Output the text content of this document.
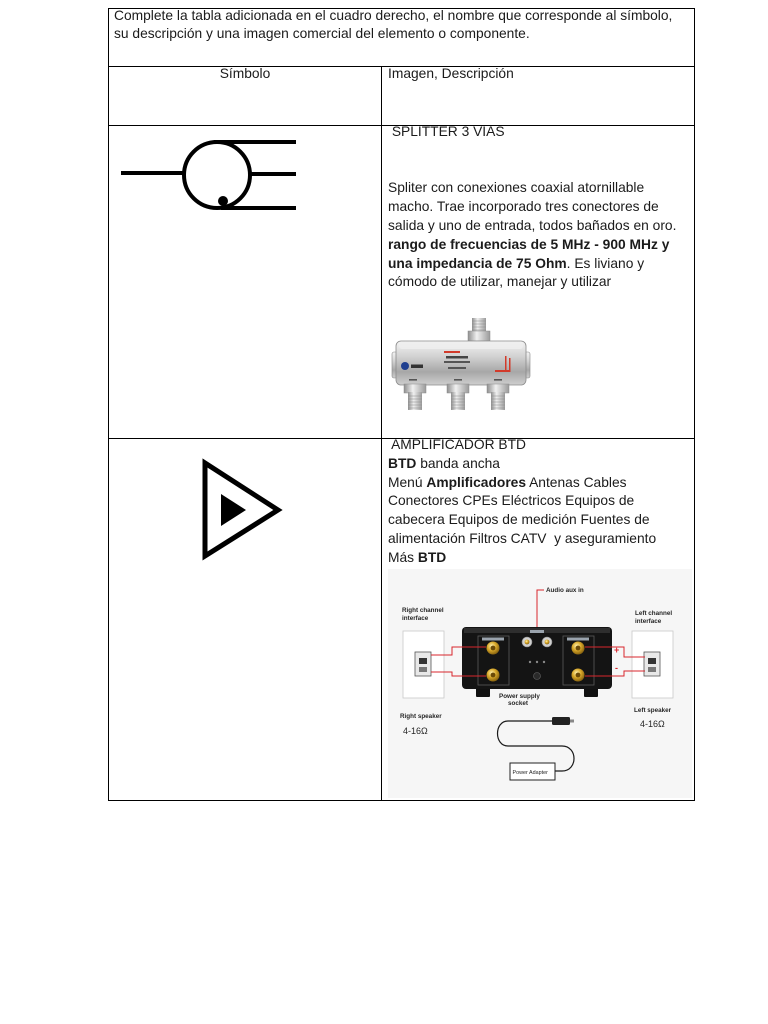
Complete la tabla adicionada en el cuadro derecho, el nombre que corresponde al símbolo,
su descripción y una imagen comercial del elemento o componente.
Símbolo	Imagen, Descripción
SPLITTER 3 VIAS
Spliter con conexiones coaxial atornillable
macho. Trae incorporado tres conectores de
salida y uno de entrada, todos bañados en oro.
rango de frecuencias de 5 MHz - 900 MHz y
una impedancia de 75 Ohm. Es liviano y
cómodo de utilizar, manejar y utilizar
AMPLIFICADOR BTD
BTD banda ancha
Menú Amplificadores Antenas Cables
Conectores CPEs Eléctricos Equipos de
cabecera Equipos de medición Fuentes de
alimentación Filtros CATV  y aseguramiento
Más BTD
Audio aux in
Right channel interface
Left channel interface
+
-
Power supply socket
Power Adapter
Right speaker
4-16Ω
Left speaker
4-16Ω
